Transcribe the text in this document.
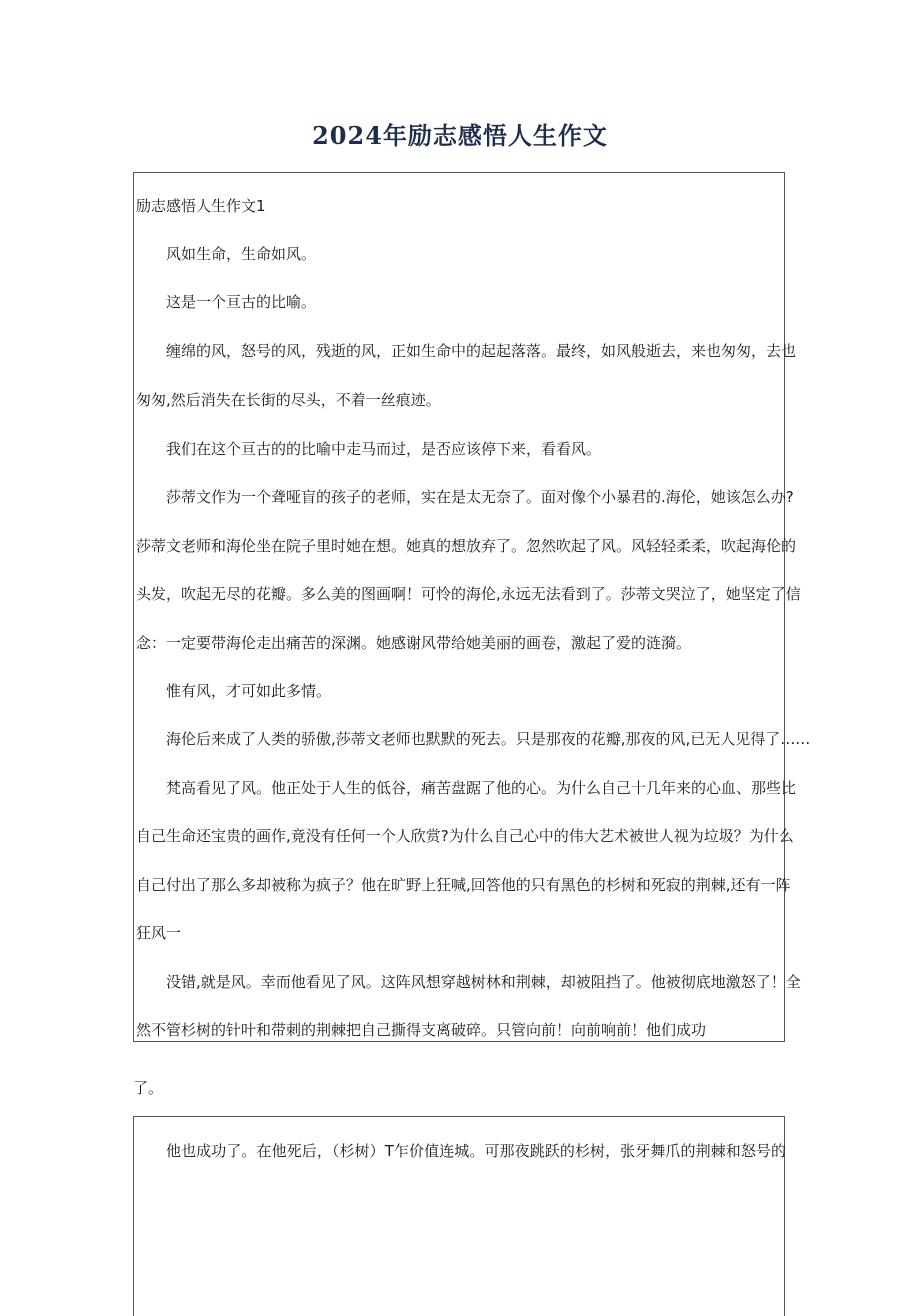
2024年励志感悟人生作文
励志感悟人生作文1
风如生命，生命如风。
这是一个亘古的比喻。
缠绵的风，怒号的风，残逝的风，正如生命中的起起落落。最终，如风般逝去，来也匆匆，去也
匆匆,然后消失在长街的尽头，不着一丝痕迹。
我们在这个亘古的的比喻中走马而过，是否应该停下来，看看风。
莎蒂文作为一个聋哑盲的孩子的老师，实在是太无奈了。面对像个小暴君的.海伦，她该怎么办?
莎蒂文老师和海伦坐在院子里时她在想。她真的想放弃了。忽然吹起了风。风轻轻柔柔，吹起海伦的
头发，吹起无尽的花瓣。多么美的图画啊！可怜的海伦,永远无法看到了。莎蒂文哭泣了，她坚定了信
念：一定要带海伦走出痛苦的深渊。她感谢风带给她美丽的画卷，激起了爱的涟漪。
惟有风，才可如此多情。
海伦后来成了人类的骄傲,莎蒂文老师也默默的死去。只是那夜的花瓣,那夜的风,已无人见得了……
梵高看见了风。他正处于人生的低谷，痛苦盘踞了他的心。为什么自己十几年来的心血、那些比
自己生命还宝贵的画作,竟没有任何一个人欣赏?为什么自己心中的伟大艺术被世人视为垃圾？为什么
自己付出了那么多却被称为疯子？他在旷野上狂喊,回答他的只有黑色的杉树和死寂的荆棘,还有一阵
狂风一
没错,就是风。幸而他看见了风。这阵风想穿越树林和荆棘，却被阻挡了。他被彻底地激怒了！全
然不管杉树的针叶和带刺的荆棘把自己撕得支离破碎。只管向前！向前响前！他们成功
了。
他也成功了。在他死后，（杉树）T乍价值连城。可那夜跳跃的杉树，张牙舞爪的荆棘和怒号的
